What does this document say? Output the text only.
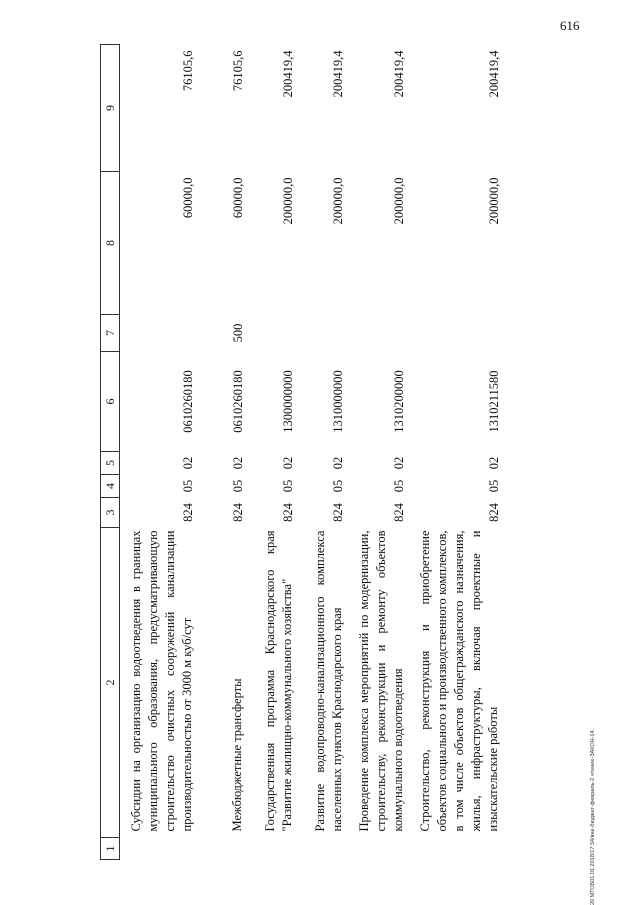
616
20 МТОБ01.01.2018/17:34/вне-бюджет-февраль-2 чтение-ЗАКОН-14.
1	2	3	4	5	6	7	8	9
	Субсидии на организацию водоотведения в границах муниципального образования, предусматривающую строительство очистных сооружений канализации производительностью от 3000 м куб/сут	824	05	02	0610260180		60000,0	76105,6
	Межбюджетные трансферты	824	05	02	0610260180	500	60000,0	76105,6
	Государственная программа Краснодарского края "Развитие жилищно-коммунального хозяйства"	824	05	02	1300000000		200000,0	200419,4
	Развитие водопроводно-канализационного комплекса населенных пунктов Краснодарского края	824	05	02	1310000000		200000,0	200419,4
	Проведение комплекса мероприятий по модернизации, строительству, реконструкции и ремонту объектов коммунального водоотведения	824	05	02	1310200000		200000,0	200419,4
	Строительство, реконструкция и приобретение объектов социального и производственного комплексов, в том числе объектов общегражданского назначения, жилья, инфраструктуры, включая проектные и изыскательские работы	824	05	02	1310211580		200000,0	200419,4
